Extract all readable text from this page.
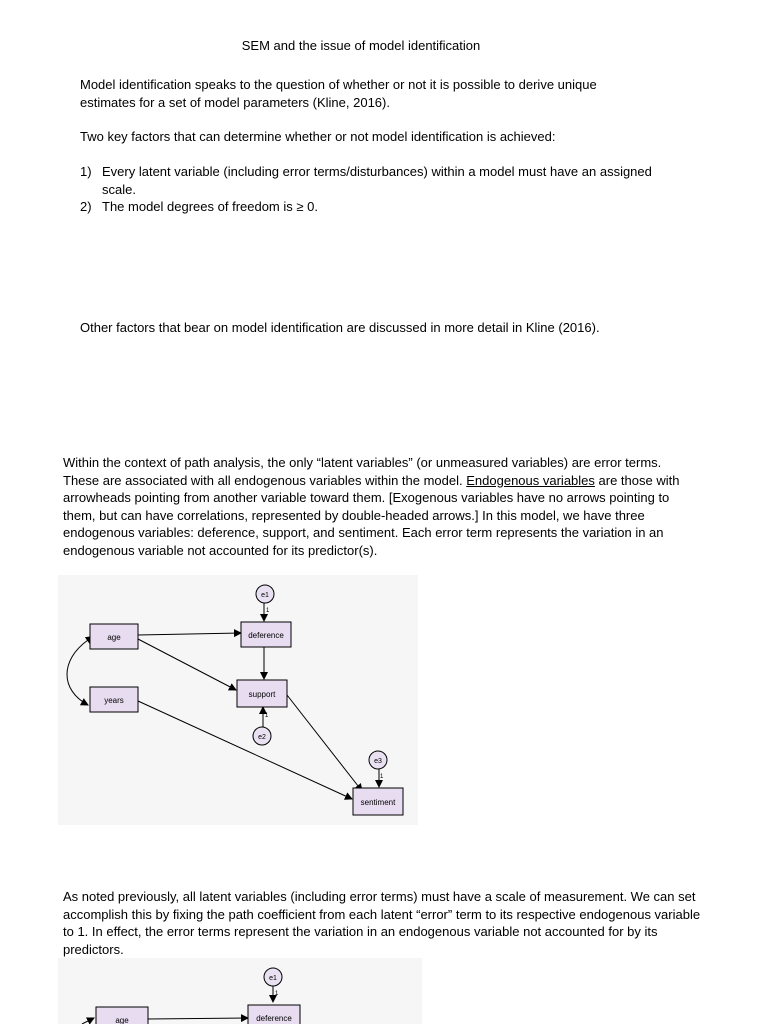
SEM and the issue of model identification
Model identification speaks to the question of whether or not it is possible to derive unique estimates for a set of model parameters (Kline, 2016).
Two key factors that can determine whether or not model identification is achieved:
1) Every latent variable (including error terms/disturbances) within a model must have an assigned scale.
2) The model degrees of freedom is ≥ 0.
Other factors that bear on model identification are discussed in more detail in Kline (2016).
Within the context of path analysis, the only “latent variables” (or unmeasured variables) are error terms. These are associated with all endogenous variables within the model. Endogenous variables are those with arrowheads pointing from another variable toward them. [Exogenous variables have no arrows pointing to them, but can have correlations, represented by double-headed arrows.] In this model, we have three endogenous variables: deference, support, and sentiment. Each error term represents the variation in an endogenous variable not accounted for its predictor(s).
age
years
deference
support
sentiment
e1
1
e2
1
e3
1
As noted previously, all latent variables (including error terms) must have a scale of measurement. We can set accomplish this by fixing the path coefficient from each latent “error” term to its respective endogenous variable to 1. In effect, the error terms represent the variation in an endogenous variable not accounted for by its predictors.
e1
1
age	deference
